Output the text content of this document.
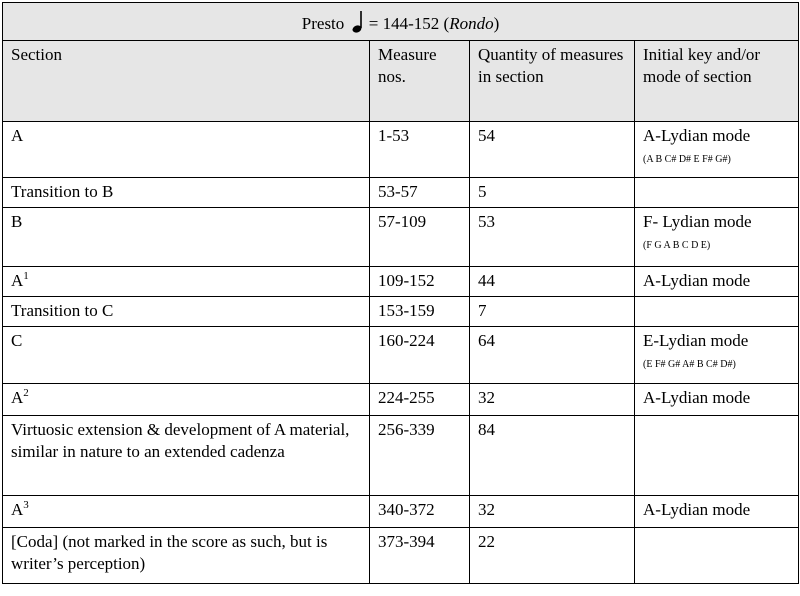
Presto = 144-152 (Rondo)			
Section	Measure nos.	Quantity of measures in section	Initial key and/or mode of section
A	1-53	54	A-Lydian mode
(A B C# D# E F# G#)

Transition to B	53-57	5	
B	57-109	53	F- Lydian mode
(F G A B C D E)

$A^1$	109-152	44	A-Lydian mode
Transition to C	153-159	7	
C	160-224	64	E-Lydian mode
(E F# G# A# B C# D#)

$A^2$	224-255	32	A-Lydian mode
Virtuosic extension & development of A material, similar in nature to an extended cadenza	256-339	84	
$A^3$	340-372	32	A-Lydian mode
[Coda] (not marked in the score as such, but is writer’s perception)	373-394	22	
